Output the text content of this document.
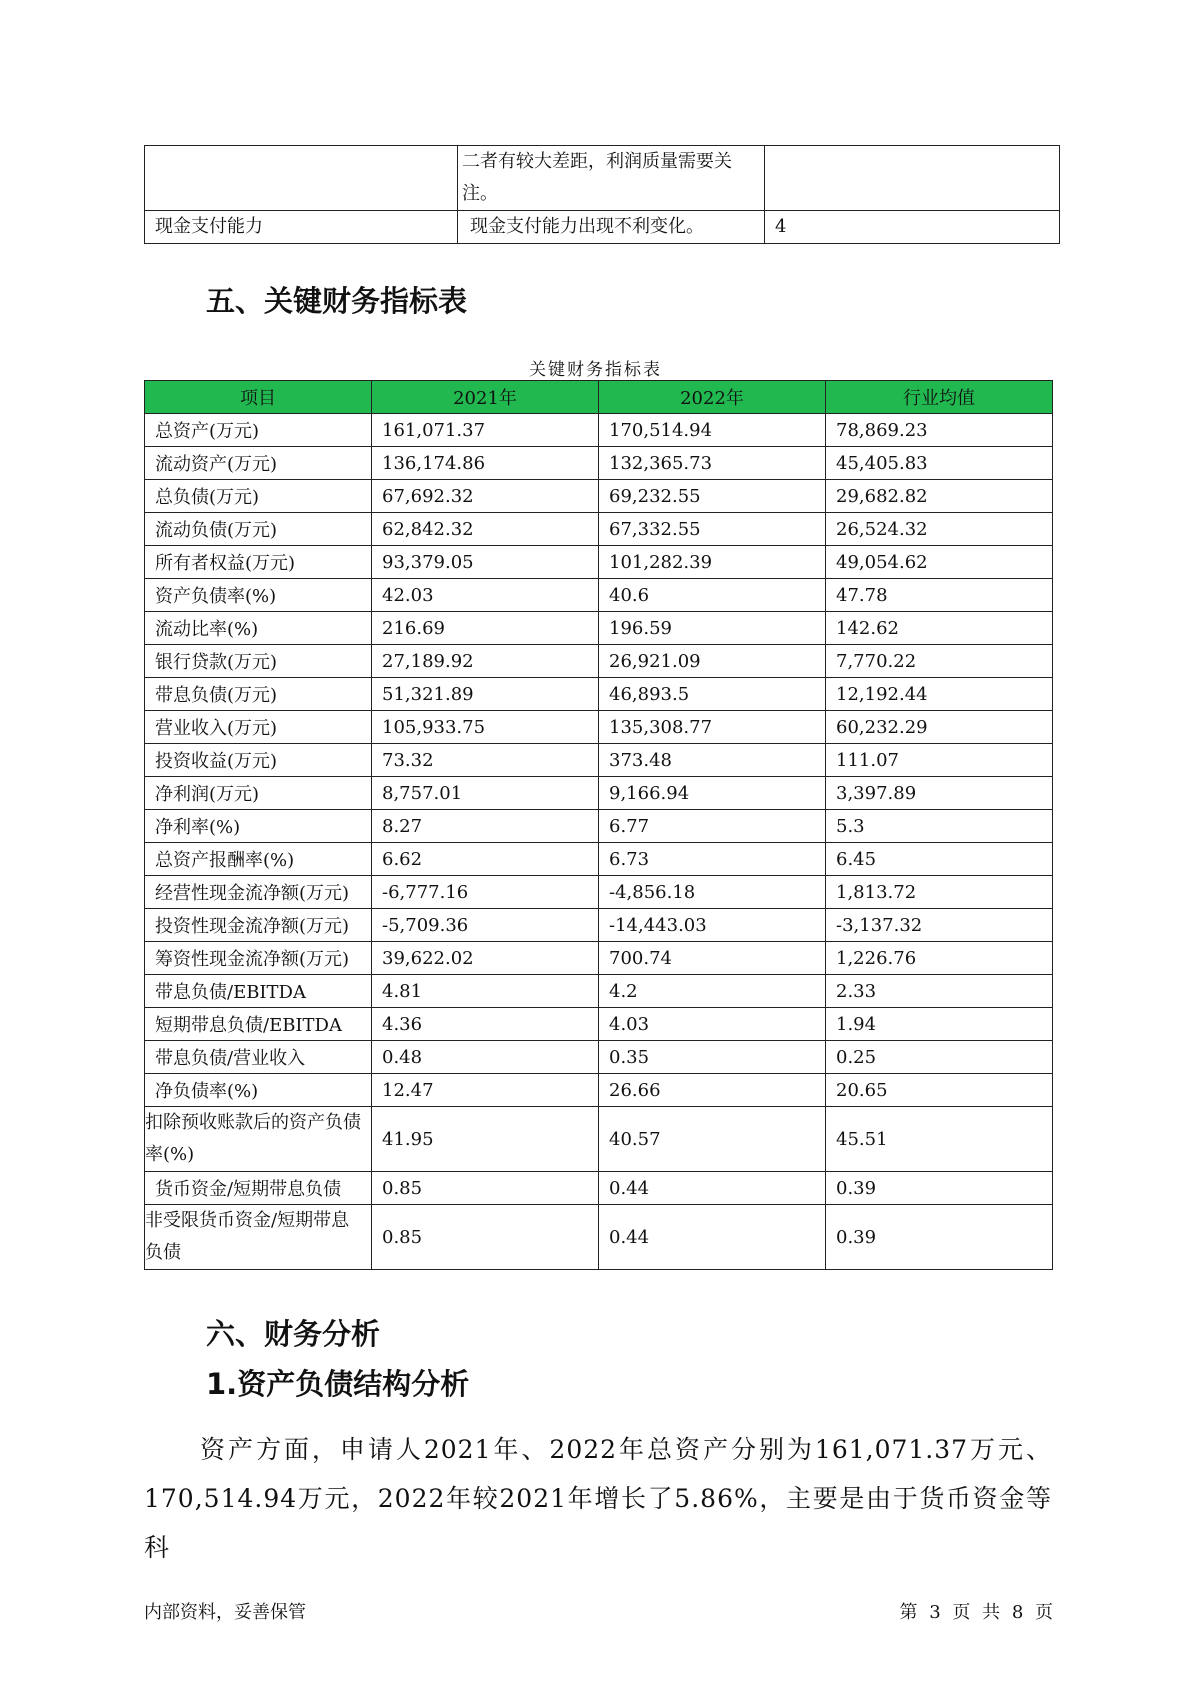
	二者有较大差距，利润质量需要关注。	
现金支付能力	现金支付能力出现不利变化。	4
五、关键财务指标表
关键财务指标表
项目	2021年	2022年	行业均值
总资产(万元)	161,071.37	170,514.94	78,869.23
流动资产(万元)	136,174.86	132,365.73	45,405.83
总负债(万元)	67,692.32	69,232.55	29,682.82
流动负债(万元)	62,842.32	67,332.55	26,524.32
所有者权益(万元)	93,379.05	101,282.39	49,054.62
资产负债率(%)	42.03	40.6	47.78
流动比率(%)	216.69	196.59	142.62
银行贷款(万元)	27,189.92	26,921.09	7,770.22
带息负债(万元)	51,321.89	46,893.5	12,192.44
营业收入(万元)	105,933.75	135,308.77	60,232.29
投资收益(万元)	73.32	373.48	111.07
净利润(万元)	8,757.01	9,166.94	3,397.89
净利率(%)	8.27	6.77	5.3
总资产报酬率(%)	6.62	6.73	6.45
经营性现金流净额(万元)	-6,777.16	-4,856.18	1,813.72
投资性现金流净额(万元)	-5,709.36	-14,443.03	-3,137.32
筹资性现金流净额(万元)	39,622.02	700.74	1,226.76
带息负债/EBITDA	4.81	4.2	2.33
短期带息负债/EBITDA	4.36	4.03	1.94
带息负债/营业收入	0.48	0.35	0.25
净负债率(%)	12.47	26.66	20.65
扣除预收账款后的资产负债率(%)	41.95	40.57	45.51
货币资金/短期带息负债	0.85	0.44	0.39
非受限货币资金/短期带息负债	0.85	0.44	0.39
六、财务分析
1.资产负债结构分析

资产方面，申请人2021年、2022年总资产分别为161,071.37万元、170,514.94万元，2022年较2021年增长了5.86%，主要是由于货币资金等科

内部资料，妥善保管	第 3 页 共 8 页
